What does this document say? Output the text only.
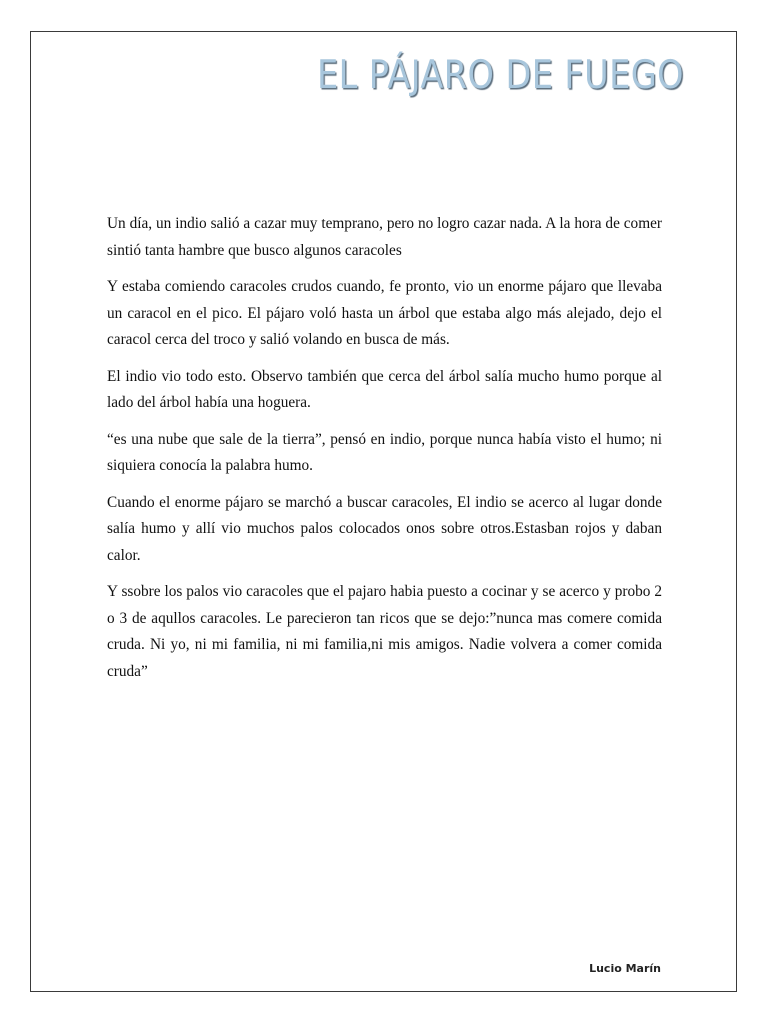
EL PÁJARO DE FUEGO

Un día, un indio salió a cazar muy temprano, pero no logro cazar nada. A la hora de comer sintió tanta hambre que busco algunos caracoles

Y estaba comiendo caracoles crudos cuando, fe pronto, vio un enorme pájaro que llevaba un caracol en el pico. El pájaro voló hasta un árbol que estaba algo más alejado, dejo el caracol cerca del troco y salió volando en busca de más.

El indio vio todo esto. Observo también que cerca del árbol salía mucho humo porque al lado del árbol había una hoguera.

“es una nube que sale de la tierra”, pensó en indio, porque nunca había visto el humo; ni siquiera conocía la palabra humo.

Cuando el enorme pájaro se marchó a buscar caracoles, El indio se acerco al lugar donde salía humo y allí vio muchos palos colocados onos sobre otros.Estasban rojos y daban calor.

Y ssobre los palos vio caracoles que el pajaro habia puesto a cocinar y se acerco y probo 2 o 3 de aqullos caracoles. Le parecieron tan ricos que se dejo:”nunca mas comere comida cruda. Ni yo, ni mi familia, ni mi familia,ni mis amigos. Nadie volvera a comer comida cruda”

Lucio Marín
